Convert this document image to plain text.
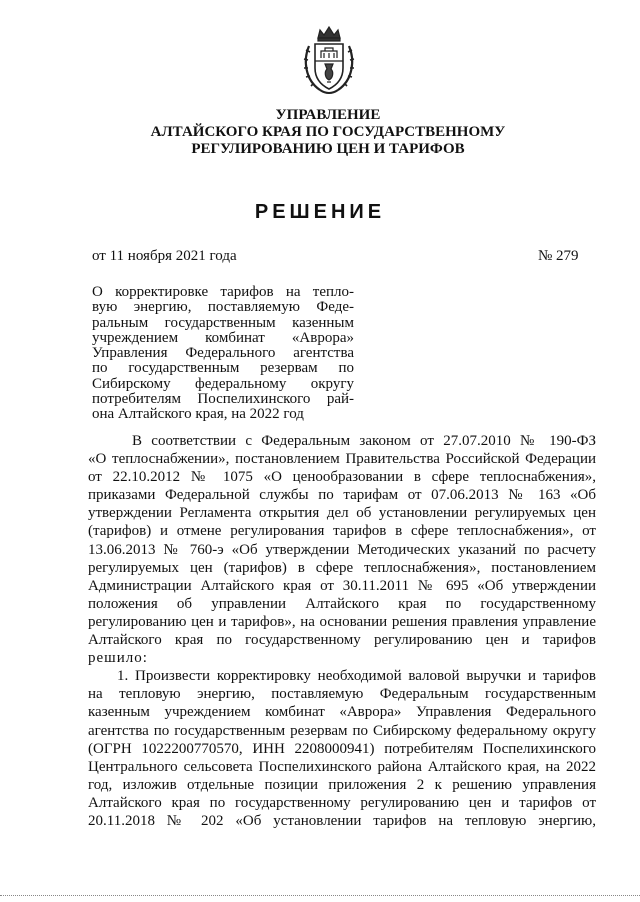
УПРАВЛЕНИЕ
АЛТАЙСКОГО КРАЯ ПО ГОСУДАРСТВЕННОМУ
РЕГУЛИРОВАНИЮ ЦЕН И ТАРИФОВ
РЕШЕНИЕ
от 11 ноября 2021 года	№ 279
О корректировке тарифов на тепло-
вую энергию, поставляемую Феде-
ральным государственным казенным
учреждением комбинат «Аврора»
Управления Федерального агентства
по государственным резервам по
Сибирскому федеральному округу
потребителям Поспелихинского рай-
она Алтайского края, на 2022 год
В соответствии с Федеральным законом от 27.07.2010 № 190-ФЗ
«О теплоснабжении», постановлением Правительства Российской Федерации
от 22.10.2012 № 1075 «О ценообразовании в сфере теплоснабжения»,
приказами Федеральной службы по тарифам от 07.06.2013 № 163 «Об
утверждении Регламента открытия дел об установлении регулируемых цен
(тарифов) и отмене регулирования тарифов в сфере теплоснабжения», от
13.06.2013 № 760-э «Об утверждении Методических указаний по расчету
регулируемых цен (тарифов) в сфере теплоснабжения», постановлением
Администрации Алтайского края от 30.11.2011 № 695 «Об утверждении
положения об управлении Алтайского края по государственному
регулированию цен и тарифов», на основании решения правления управление
Алтайского края по государственному регулированию цен и тарифов
решило:
1. Произвести корректировку необходимой валовой выручки и тарифов
на тепловую энергию, поставляемую Федеральным государственным
казенным учреждением комбинат «Аврора» Управления Федерального
агентства по государственным резервам по Сибирскому федеральному округу
(ОГРН 1022200770570, ИНН 2208000941) потребителям Поспелихинского
Центрального сельсовета Поспелихинского района Алтайского края, на 2022
год, изложив отдельные позиции приложения 2 к решению управления
Алтайского края по государственному регулированию цен и тарифов от
20.11.2018 № 202 «Об установлении тарифов на тепловую энергию,
